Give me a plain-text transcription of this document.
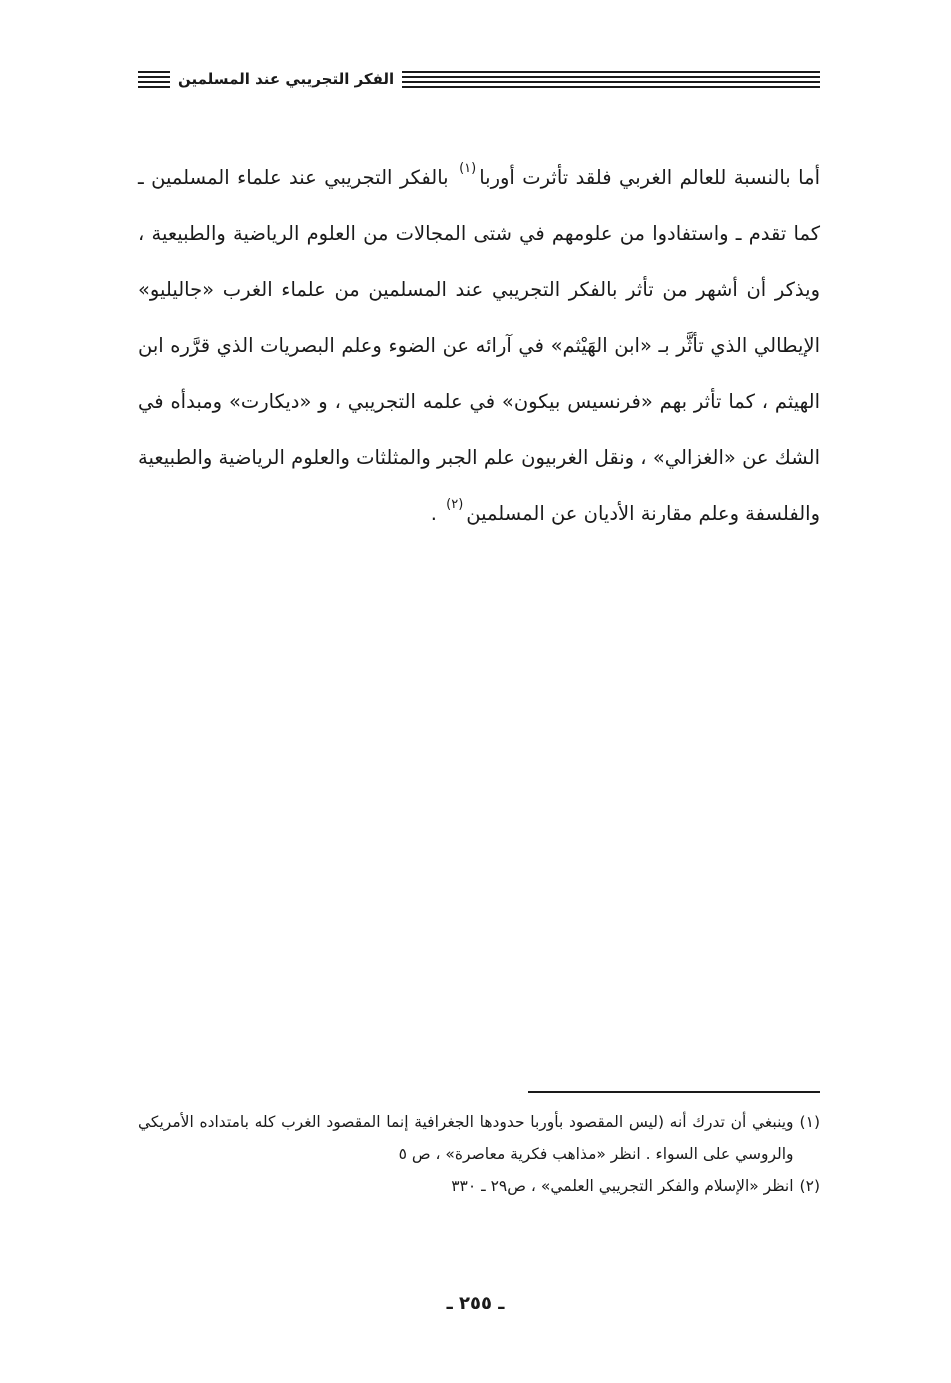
الفكر التجريبي عند المسلمين

أما بالنسبة للعالم الغربي فلقد تأثرت أوربا$^{(١)}$ بالفكر التجريبي عند علماء المسلمين ـ كما تقدم ـ واستفادوا من علومهم في شتى المجالات من العلوم الرياضية والطبيعية ، ويذكر أن أشهر من تأثر بالفكر التجريبي عند المسلمين من علماء الغرب «جاليليو» الإيطالي الذي تأثَّر بـ «ابن الهَيْثم» في آرائه عن الضوء وعلم البصريات الذي قرَّره ابن الهيثم ، كما تأثر بهم «فرنسيس بيكون» في علمه التجريبي ، و «ديكارت» ومبدأه في الشك عن «الغزالي» ، ونقل الغربيون علم الجبر والمثلثات والعلوم الرياضية والطبيعية والفلسفة وعلم مقارنة الأديان عن المسلمين$^{(٢)}$ .

(١)
وينبغي أن تدرك أنه (ليس المقصود بأوربا حدودها الجغرافية إنما المقصود الغرب كله بامتداده الأمريكي والروسي على السواء . انظر «مذاهب فكرية معاصرة» ، ص ٥
(٢)
انظر «الإسلام والفكر التجريبي العلمي» ، ص٢٩ ـ ٣٣٠
ـ ٢٥٥ ـ
